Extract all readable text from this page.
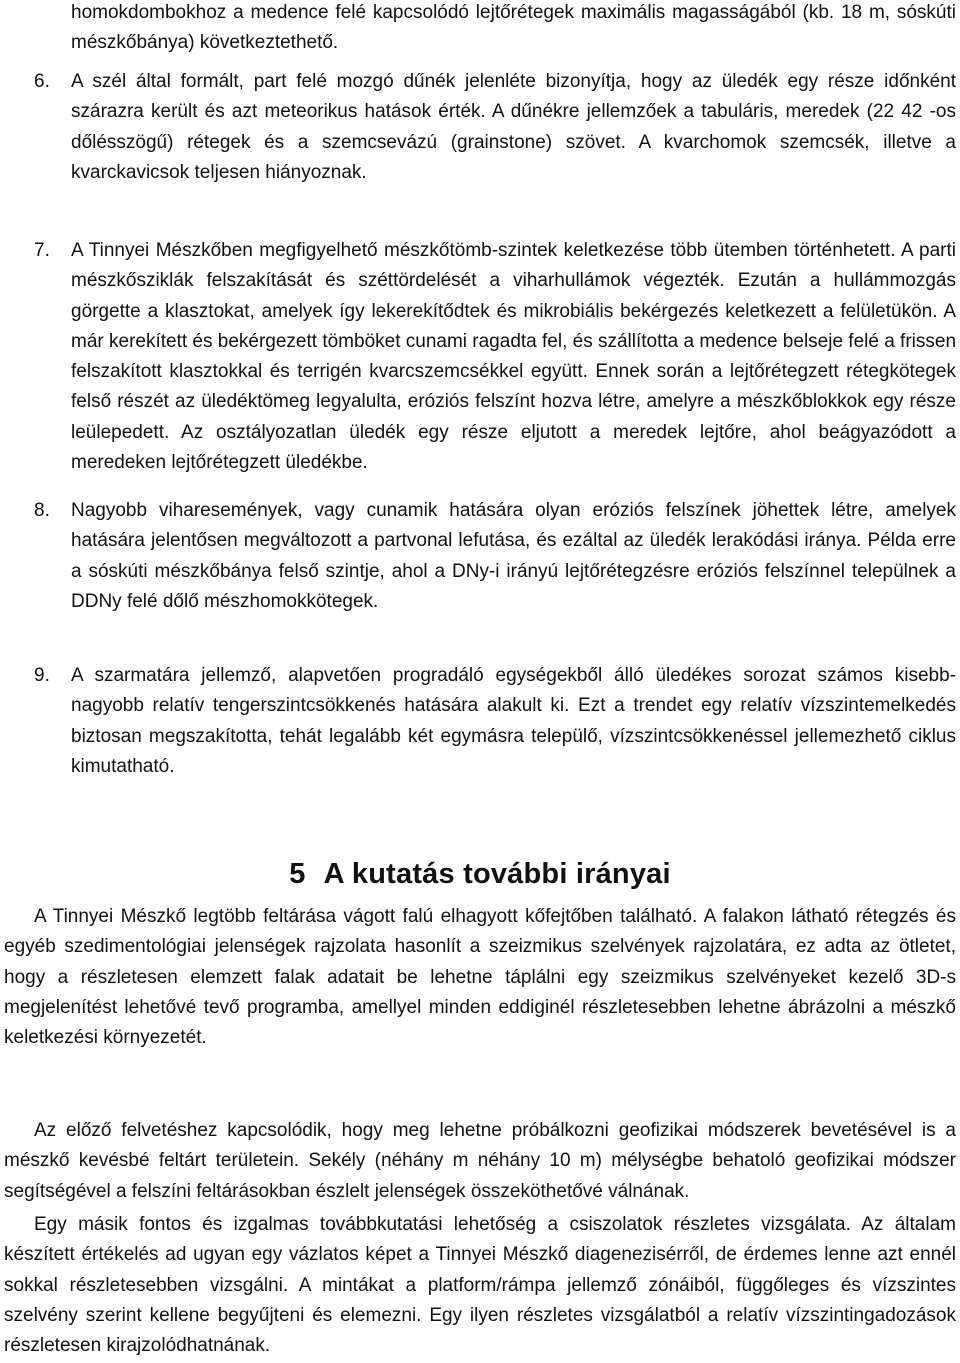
homokdombokhoz a medence felé kapcsolódó lejtőrétegek maximális magasságából (kb. 18 m, sóskúti mészkőbánya) következtethető.

6.	A szél által formált, part felé mozgó dűnék jelenléte bizonyítja, hogy az üledék egy része időnként szárazra került és azt meteorikus hatások érték. A dűnékre jellemzőek a tabuláris, meredek (22 42 -os dőlésszögű) rétegek és a szemcsevázú (grainstone) szövet. A kvarchomok szemcsék, illetve a kvarckavicsok teljesen hiányoznak.
7.	A Tinnyei Mészkőben megfigyelhető mészkőtömb-szintek keletkezése több ütemben történhetett. A parti mészkősziklák felszakítását és széttördelését a viharhullámok végezték. Ezután a hullámmozgás görgette a klasztokat, amelyek így lekerekítődtek és mikrobiális bekérgezés keletkezett a felületükön. A már kerekített és bekérgezett tömböket cunami ragadta fel, és szállította a medence belseje felé a frissen felszakított klasztokkal és terrigén kvarcszemcsékkel együtt. Ennek során a lejtőrétegzett rétegkötegek felső részét az üledéktömeg legyalulta, eróziós felszínt hozva létre, amelyre a mészkőblokkok egy része leülepedett. Az osztályozatlan üledék egy része eljutott a meredek lejtőre, ahol beágyazódott a meredeken lejtőrétegzett üledékbe.
8.	Nagyobb viharesemények, vagy cunamik hatására olyan eróziós felszínek jöhettek létre, amelyek hatására jelentősen megváltozott a partvonal lefutása, és ezáltal az üledék lerakódási iránya. Példa erre a sóskúti mészkőbánya felső szintje, ahol a DNy-i irányú lejtőrétegzésre eróziós felszínnel települnek a DDNy felé dőlő mészhomokkötegek.
9.	A szarmatára jellemző, alapvetően progradáló egységekből álló üledékes sorozat számos kisebb-nagyobb relatív tengerszintcsökkenés hatására alakult ki. Ezt a trendet egy relatív vízszintemelkedés biztosan megszakította, tehát legalább két egymásra települő, vízszintcsökkenéssel jellemezhető ciklus kimutatható.
5 A kutatás további irányai

A Tinnyei Mészkő legtöbb feltárása vágott falú elhagyott kőfejtőben található. A falakon látható rétegzés és egyéb szedimentológiai jelenségek rajzolata hasonlít a szeizmikus szelvények rajzolatára, ez adta az ötletet, hogy a részletesen elemzett falak adatait be lehetne táplálni egy szeizmikus szelvényeket kezelő 3D-s megjelenítést lehetővé tevő programba, amellyel minden eddiginél részletesebben lehetne ábrázolni a mészkő keletkezési környezetét.

Az előző felvetéshez kapcsolódik, hogy meg lehetne próbálkozni geofizikai módszerek bevetésével is a mészkő kevésbé feltárt területein. Sekély (néhány m néhány 10 m) mélységbe behatoló geofizikai módszer segítségével a felszíni feltárásokban észlelt jelenségek összeköthetővé válnának.

Egy másik fontos és izgalmas továbbkutatási lehetőség a csiszolatok részletes vizsgálata. Az általam készített értékelés ad ugyan egy vázlatos képet a Tinnyei Mészkő diagenezisérről, de érdemes lenne azt ennél sokkal részletesebben vizsgálni. A mintákat a platform/rámpa jellemző zónáiból, függőleges és vízszintes szelvény szerint kellene begyűjteni és elemezni. Egy ilyen részletes vizsgálatból a relatív vízszintingadozások részletesen kirajzolódhatnának.
